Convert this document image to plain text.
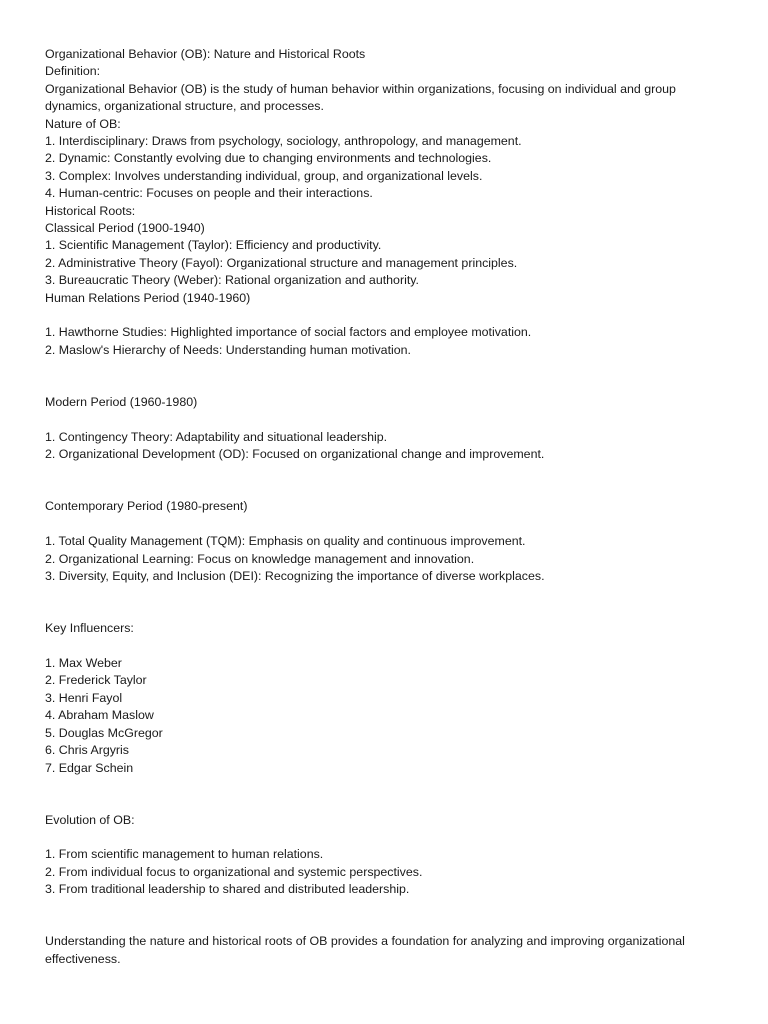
Organizational Behavior (OB): Nature and Historical Roots
Definition:
Organizational Behavior (OB) is the study of human behavior within organizations, focusing on individual and group dynamics, organizational structure, and processes.
Nature of OB:
1. Interdisciplinary: Draws from psychology, sociology, anthropology, and management.
2. Dynamic: Constantly evolving due to changing environments and technologies.
3. Complex: Involves understanding individual, group, and organizational levels.
4. Human-centric: Focuses on people and their interactions.
Historical Roots:
Classical Period (1900-1940)
1. Scientific Management (Taylor): Efficiency and productivity.
2. Administrative Theory (Fayol): Organizational structure and management principles.
3. Bureaucratic Theory (Weber): Rational organization and authority.
Human Relations Period (1940-1960)
1. Hawthorne Studies: Highlighted importance of social factors and employee motivation.
2. Maslow's Hierarchy of Needs: Understanding human motivation.
Modern Period (1960-1980)
1. Contingency Theory: Adaptability and situational leadership.
2. Organizational Development (OD): Focused on organizational change and improvement.
Contemporary Period (1980-present)
1. Total Quality Management (TQM): Emphasis on quality and continuous improvement.
2. Organizational Learning: Focus on knowledge management and innovation.
3. Diversity, Equity, and Inclusion (DEI): Recognizing the importance of diverse workplaces.
Key Influencers:
1. Max Weber
2. Frederick Taylor
3. Henri Fayol
4. Abraham Maslow
5. Douglas McGregor
6. Chris Argyris
7. Edgar Schein
Evolution of OB:
1. From scientific management to human relations.
2. From individual focus to organizational and systemic perspectives.
3. From traditional leadership to shared and distributed leadership.
Understanding the nature and historical roots of OB provides a foundation for analyzing and improving organizational effectiveness.
